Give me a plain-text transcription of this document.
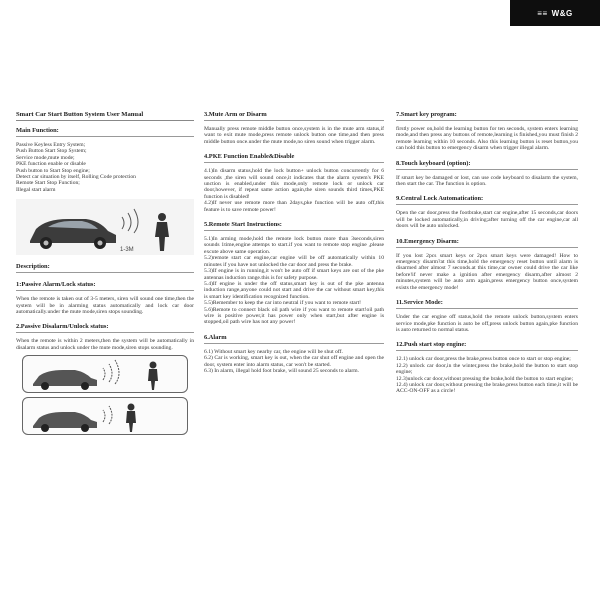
≡≡ W&G
Smart Car Start Button System User Manual
Main Function:
Passive Keyless Entry System;
Push Button Start Stop System;
Service mode,mute mode;
PKE function enable or disable
Push button to Start Stop engine;
Detect car situation by itself, Rolling Code protection
Remote Start Stop Function;
Illegal start alarm
1-3M
Description:
1:Passive Alarm/Lock status:

When the remote is taken out of 3-5 meters, siren will sound one time,then the system will be in alarming status automatically and lock car door automatically.under the mute mode,siren stops sounding.

2.Passive Disalarm/Unlock status:

When the remote is within 2 meters,then the system will be automatically in disalarm status and unlock under the mute mode,siren stops sounding.

3.Mute Arm or Disarm

Manually press remote middle button once,system is in the mute arm status,if want to exit mute mode,press remote unlock button one time,and then press middle button once.under the mute mode,no siren sound when trigger alarm.

4.PKE Function Enable&Disable

4.1)In disarm status,hold the lock button+ unlock button concurrently for 6 seconds ,the siren will sound once,it indicates that the alarm system's PKE unction is enabled,under this mode,only remote lock or unlock car door,however, if repeat same action again,the siren sounds third times,PKE function is disabled!
4.2)If never use remote more than 2days,pke function will be auto off,this feature is to save remote power!

5.Remote Start Instructions:

5.1)In arming mode,hold the remote lock button more than 3seconds,siren sounds 1time,engine attemps to start.if you want to remote stop engine ,please excute above same operation.
5.2)remote start car engine,car engine will be off automatically within 10 minutes if you have not unlocked the car door and press the brake.
5.3)If engine is in running,it won't be auto off if smart keys are out of the pke antennas induction range.this is for safety purpose.
5.4)If engine is under the off status,smart key is out of the pke antenna induction range,anyone could not start and drive the car without smart key,this is smart key identification recognized function.
5.5)Remember to keep the car into neutral if you want to remote start!
5.6)Remote to connect black oil path wire if you want to remote start!oil path wire is positive power,it has power only when start,but after engine is stopped,oil path wire has not any power!

6.Alarm

6.1) Without smart key nearby car, the engine will be shut off.
6.2) Car is working, smart key is out, when the car shut off engine and open the door, system enter into alarm status, car won't be started.
6.3) In alarm, illegal hold foot brake, will sound 25 seconds to alarm.

7.Smart key program:

firstly power on,hold the learning button for ten seconds, system enters learning mode,and then press any buttons of remote,learning is finished,you must finish 2 remote learning within 10 seconds. Also this learning button is reset button,you can hold this button to emergency disarm when trigger illegal alarm.

8.Touch keyboard (option):

If smart key be damaged or lost, can use code keyboard to disalarm the system, then start the car. The function is option.

9.Central Lock Automatication:

Open the car door,press the footbrake,start car engine,after 15 seconds,car doors will be locked automatically,in driving;after turning off the car engine,car all doors will be auto unlocked.

10.Emergency Disarm:

If you lost 2pcs smart keys or 2pcs smart keys were damaged! How to emergency disarm?at this time,hold the emergency reset button until alarm is disarmed after almost 7 seconds.at this time,car owner could drive the car like before!if never make a ignition after emergency disarm,after almost 2 minutes,system will be auto arm again,press emergency button once,system exists the emergency mode!

11.Service Mode:

Under the car engine off status,hold the remote unlock button,system enters service mode,pke function is auto be off,press unlock button again,pke function is auto returned to normal status.

12.Push start stop engine:

12.1) unlock car door,press the brake,press button once to start or stop engine;
12.2) unlock car door,in the winter,press the brake,hold the button to start stop engine;
12.3)unlock car door,without pressing the brake,hold the button to start engine;
12.4) unlock car door,without pressing the brake,press button each time,it will be ACC-ON-OFF as a circle!
